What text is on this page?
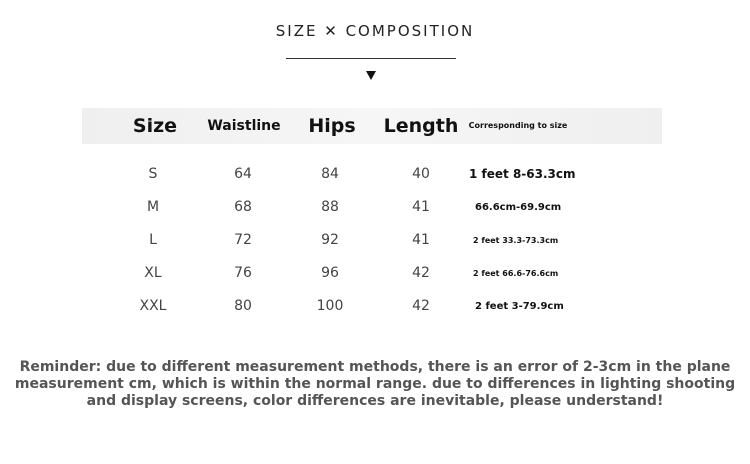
SIZE ✕ COMPOSITION
Size	Waistline	Hips	Length	Corresponding to size
S	64	84	40	1 feet 8-63.3cm
M	68	88	41	66.6cm-69.9cm
L	72	92	41	2 feet 33.3-73.3cm
XL	76	96	42	2 feet 66.6-76.6cm
XXL	80	100	42	2 feet 3-79.9cm
Reminder: due to different measurement methods, there is an error of 2-3cm in the plane
measurement cm, which is within the normal range. due to differences in lighting shooting
and display screens, color differences are inevitable, please understand!
